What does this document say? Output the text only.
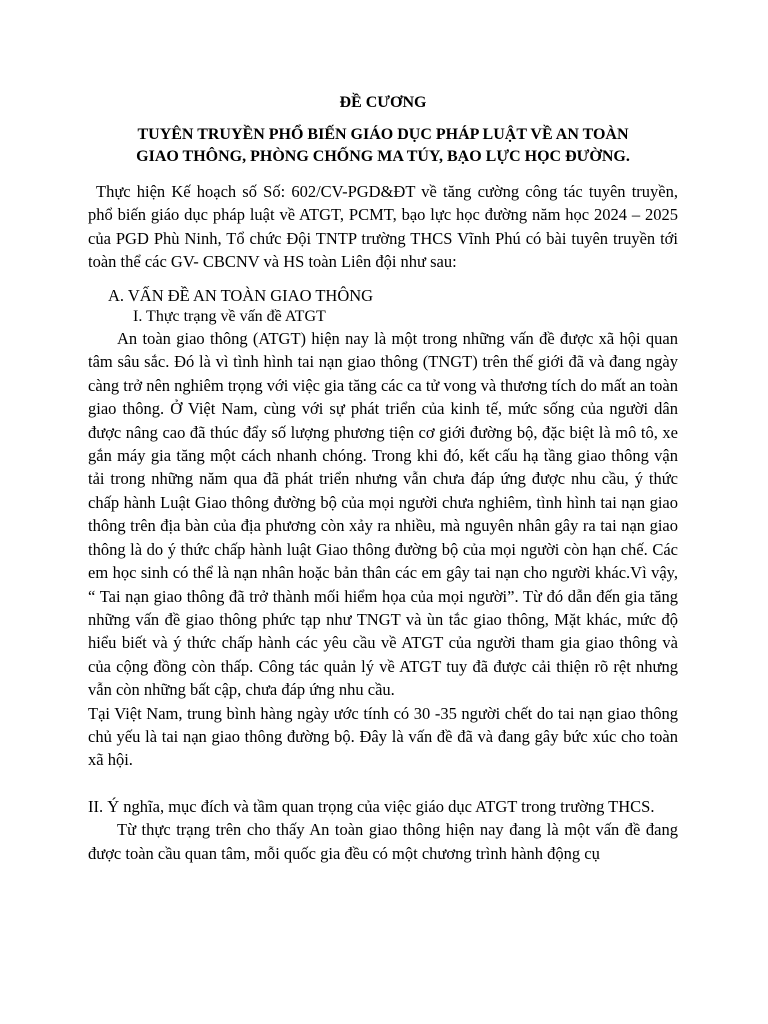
ĐỀ CƯƠNG
TUYÊN TRUYỀN PHỔ BIẾN GIÁO DỤC PHÁP LUẬT VỀ AN TOÀN
GIAO THÔNG, PHÒNG CHỐNG MA TÚY, BẠO LỰC HỌC ĐƯỜNG.

Thực hiện Kế hoạch số Số: 602/CV-PGD&ĐT về tăng cường công tác tuyên truyền, phổ biến giáo dục pháp luật về ATGT, PCMT, bạo lực học đường năm học 2024 – 2025 của PGD Phù Ninh, Tổ chức Đội TNTP trường THCS Vĩnh Phú có bài tuyên truyền tới toàn thể các GV- CBCNV và HS toàn Liên đội như sau:

A. VẤN ĐỀ AN TOÀN GIAO THÔNG
I. Thực trạng về vấn đề ATGT

An toàn giao thông (ATGT) hiện nay là một trong những vấn đề được xã hội quan tâm sâu sắc. Đó là vì tình hình tai nạn giao thông (TNGT) trên thế giới đã và đang ngày càng trở nên nghiêm trọng với việc gia tăng các ca tử vong và thương tích do mất an toàn giao thông. Ở Việt Nam, cùng với sự phát triển của kinh tế, mức sống của người dân được nâng cao đã thúc đẩy số lượng phương tiện cơ giới đường bộ, đặc biệt là mô tô, xe gắn máy gia tăng một cách nhanh chóng. Trong khi đó, kết cấu hạ tầng giao thông vận tải trong những năm qua đã phát triển nhưng vẫn chưa đáp ứng được nhu cầu, ý thức chấp hành Luật Giao thông đường bộ của mọi người chưa nghiêm, tình hình tai nạn giao thông trên địa bàn của địa phương còn xảy ra nhiều, mà nguyên nhân gây ra tai nạn giao thông là do ý thức chấp hành luật Giao thông đường bộ của mọi người còn hạn chế. Các em học sinh có thể là nạn nhân hoặc bản thân các em gây tai nạn cho người khác.Vì vậy, “ Tai nạn giao thông đã trở thành mối hiểm họa của mọi người”. Từ đó dẫn đến gia tăng những vấn đề giao thông phức tạp như TNGT và ùn tắc giao thông, Mặt khác, mức độ hiểu biết và ý thức chấp hành các yêu cầu về ATGT của người tham gia giao thông và của cộng đồng còn thấp. Công tác quản lý về ATGT tuy đã được cải thiện rõ rệt nhưng vẫn còn những bất cập, chưa đáp ứng nhu cầu.

Tại Việt Nam, trung bình hàng ngày ước tính có 30 -35 người chết do tai nạn giao thông chủ yếu là tai nạn giao thông đường bộ. Đây là vấn đề đã và đang gây bức xúc cho toàn xã hội.

II. Ý nghĩa, mục đích và tầm quan trọng của việc giáo dục ATGT trong trường THCS.

Từ thực trạng trên cho thấy An toàn giao thông hiện nay đang là một vấn đề đang được toàn cầu quan tâm, mỗi quốc gia đều có một chương trình hành động cụ
